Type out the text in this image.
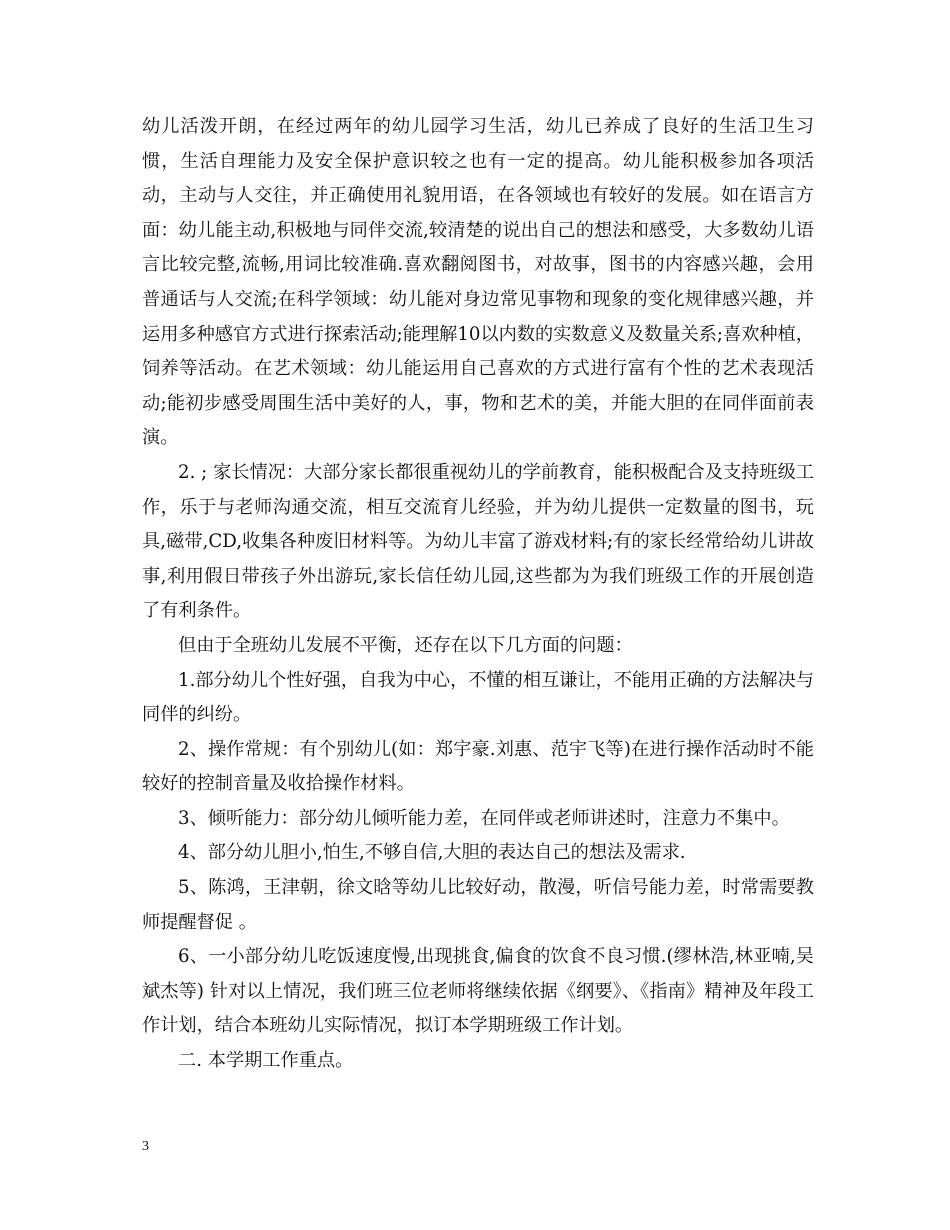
幼儿活泼开朗，在经过两年的幼儿园学习生活，幼儿已养成了良好的生活卫生习惯，生活自理能力及安全保护意识较之也有一定的提高。幼儿能积极参加各项活动，主动与人交往，并正确使用礼貌用语，在各领域也有较好的发展。如在语言方面：幼儿能主动,积极地与同伴交流,较清楚的说出自己的想法和感受，大多数幼儿语言比较完整,流畅,用词比较准确.喜欢翻阅图书，对故事，图书的内容感兴趣，会用普通话与人交流;在科学领域：幼儿能对身边常见事物和现象的变化规律感兴趣，并运用多种感官方式进行探索活动;能理解10以内数的实数意义及数量关系;喜欢种植，饲养等活动。在艺术领域：幼儿能运用自己喜欢的方式进行富有个性的艺术表现活动;能初步感受周围生活中美好的人，事，物和艺术的美，并能大胆的在同伴面前表演。

2. ; 家长情况：大部分家长都很重视幼儿的学前教育，能积极配合及支持班级工作，乐于与老师沟通交流，相互交流育儿经验，并为幼儿提供一定数量的图书，玩具,磁带,CD,收集各种废旧材料等。为幼儿丰富了游戏材料;有的家长经常给幼儿讲故事,利用假日带孩子外出游玩,家长信任幼儿园,这些都为为我们班级工作的开展创造了有利条件。

但由于全班幼儿发展不平衡，还存在以下几方面的问题：

1.部分幼儿个性好强，自我为中心，不懂的相互谦让，不能用正确的方法解决与同伴的纠纷。

2、操作常规：有个别幼儿(如：郑宇豪.刘惠、范宇飞等)在进行操作活动时不能较好的控制音量及收拾操作材料。

3、倾听能力：部分幼儿倾听能力差，在同伴或老师讲述时，注意力不集中。

4、部分幼儿胆小,怕生,不够自信,大胆的表达自己的想法及需求.

5、陈鸿，王津朝，徐文晗等幼儿比较好动，散漫，听信号能力差，时常需要教师提醒督促 。

6、一小部分幼儿吃饭速度慢,出现挑食,偏食的饮食不良习惯.(缪林浩,林亚喃,吴斌杰等) 针对以上情况，我们班三位老师将继续依据《纲要》、《指南》精神及年段工作计划，结合本班幼儿实际情况，拟订本学期班级工作计划。

二. 本学期工作重点。

3
